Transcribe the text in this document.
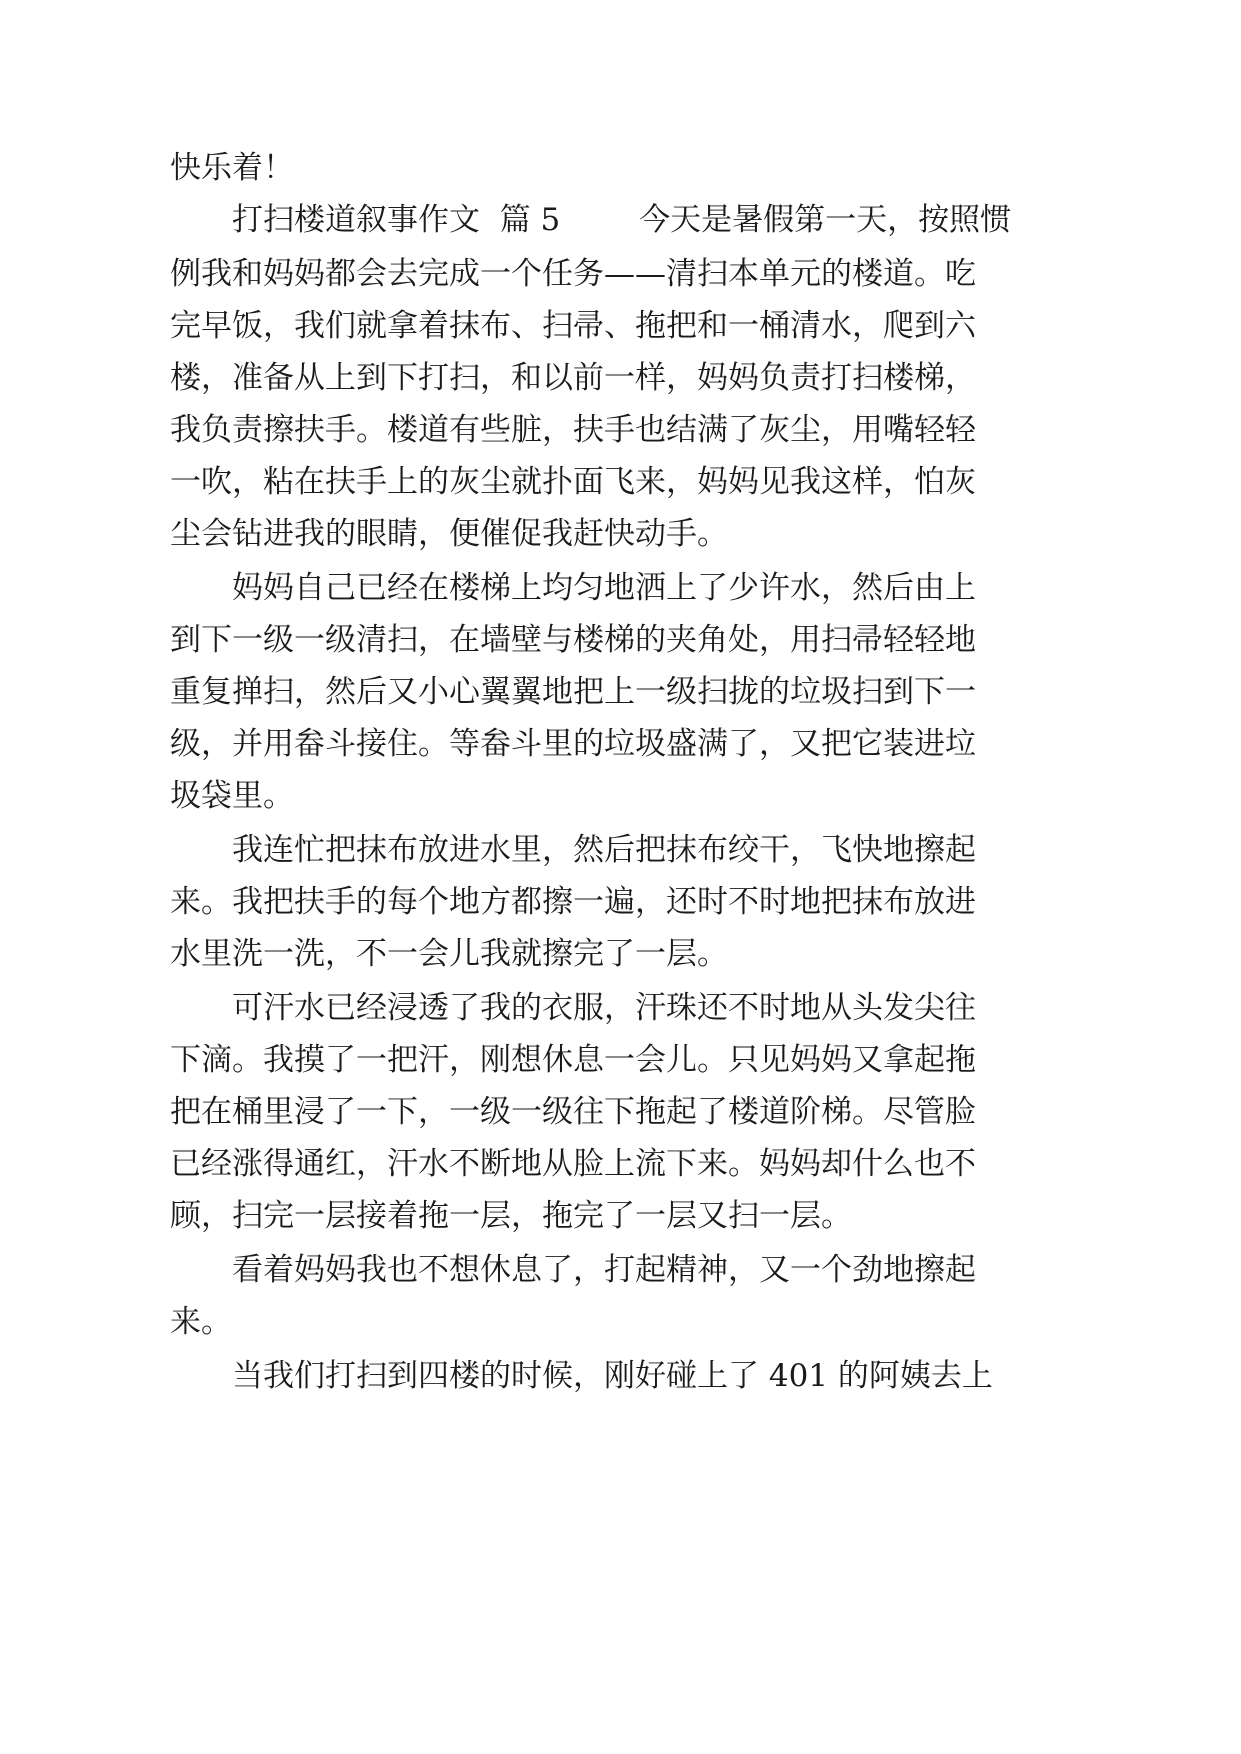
快乐着！
打扫楼道叙事作文  篇 5        今天是暑假第一天，按照惯
例我和妈妈都会去完成一个任务——清扫本单元的楼道。吃
完早饭，我们就拿着抹布、扫帚、拖把和一桶清水，爬到六
楼，准备从上到下打扫，和以前一样，妈妈负责打扫楼梯，
我负责擦扶手。楼道有些脏，扶手也结满了灰尘，用嘴轻轻
一吹，粘在扶手上的灰尘就扑面飞来，妈妈见我这样，怕灰
尘会钻进我的眼睛，便催促我赶快动手。
妈妈自己已经在楼梯上均匀地洒上了少许水，然后由上
到下一级一级清扫，在墙壁与楼梯的夹角处，用扫帚轻轻地
重复掸扫，然后又小心翼翼地把上一级扫拢的垃圾扫到下一
级，并用畚斗接住。等畚斗里的垃圾盛满了，又把它装进垃
圾袋里。
我连忙把抹布放进水里，然后把抹布绞干，飞快地擦起
来。我把扶手的每个地方都擦一遍，还时不时地把抹布放进
水里洗一洗，不一会儿我就擦完了一层。
可汗水已经浸透了我的衣服，汗珠还不时地从头发尖往
下滴。我摸了一把汗，刚想休息一会儿。只见妈妈又拿起拖
把在桶里浸了一下，一级一级往下拖起了楼道阶梯。尽管脸
已经涨得通红，汗水不断地从脸上流下来。妈妈却什么也不
顾，扫完一层接着拖一层，拖完了一层又扫一层。
看着妈妈我也不想休息了，打起精神，又一个劲地擦起
来。
当我们打扫到四楼的时候，刚好碰上了 401 的阿姨去上
